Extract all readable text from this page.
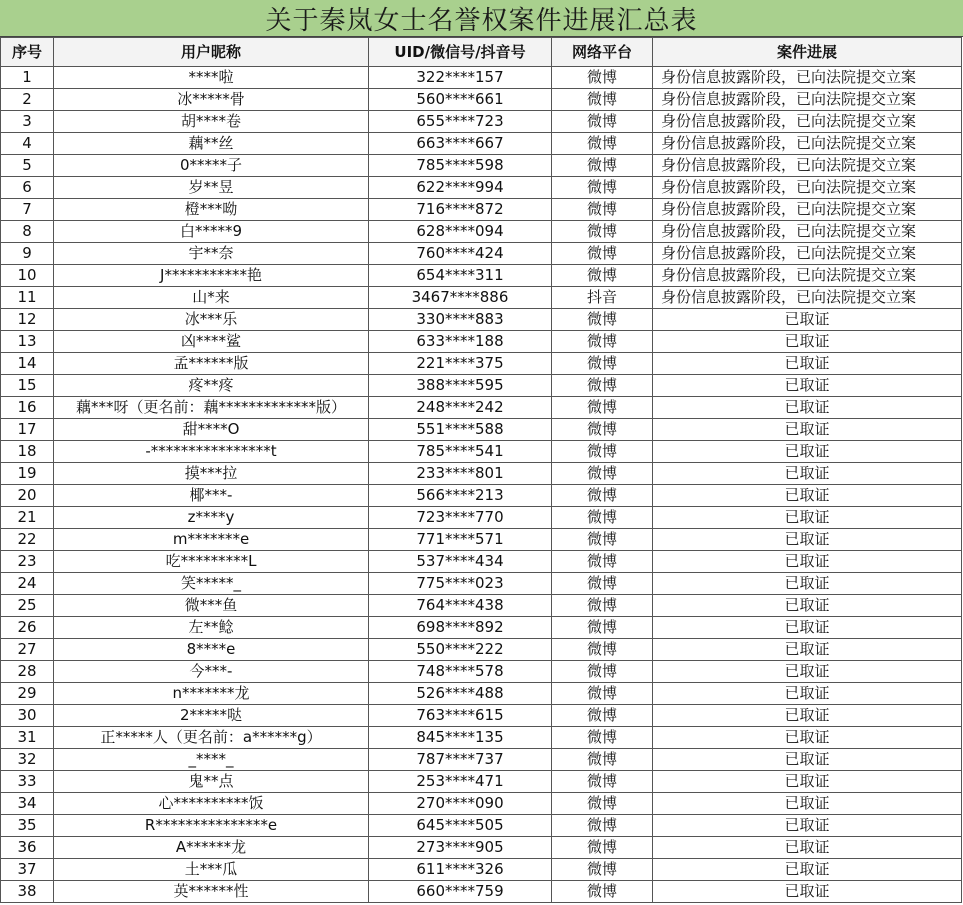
关于秦岚女士名誉权案件进展汇总表
序号	用户昵称	UID/微信号/抖音号	网络平台	案件进展
1	****啦	322****157	微博	身份信息披露阶段，已向法院提交立案
2	冰*****骨	560****661	微博	身份信息披露阶段，已向法院提交立案
3	胡****卷	655****723	微博	身份信息披露阶段，已向法院提交立案
4	藕**丝	663****667	微博	身份信息披露阶段，已向法院提交立案
5	0*****子	785****598	微博	身份信息披露阶段，已向法院提交立案
6	岁**昱	622****994	微博	身份信息披露阶段，已向法院提交立案
7	橙***呦	716****872	微博	身份信息披露阶段，已向法院提交立案
8	白*****9	628****094	微博	身份信息披露阶段，已向法院提交立案
9	宇**奈	760****424	微博	身份信息披露阶段，已向法院提交立案
10	J***********艳	654****311	微博	身份信息披露阶段，已向法院提交立案
11	山*来	3467****886	抖音	身份信息披露阶段，已向法院提交立案
12	冰***乐	330****883	微博	已取证
13	凶****鲨	633****188	微博	已取证
14	孟******版	221****375	微博	已取证
15	疼**疼	388****595	微博	已取证
16	藕***呀（更名前：藕*************版）	248****242	微博	已取证
17	甜****O	551****588	微博	已取证
18	-****************t	785****541	微博	已取证
19	摸***拉	233****801	微博	已取证
20	椰***-	566****213	微博	已取证
21	z****y	723****770	微博	已取证
22	m*******e	771****571	微博	已取证
23	吃*********L	537****434	微博	已取证
24	笑*****_	775****023	微博	已取证
25	微***鱼	764****438	微博	已取证
26	左**鲶	698****892	微博	已取证
27	8****e	550****222	微博	已取证
28	今***-	748****578	微博	已取证
29	n*******龙	526****488	微博	已取证
30	2*****哒	763****615	微博	已取证
31	正*****人（更名前：a******g）	845****135	微博	已取证
32	_****_	787****737	微博	已取证
33	鬼**点	253****471	微博	已取证
34	心**********饭	270****090	微博	已取证
35	R***************e	645****505	微博	已取证
36	A******龙	273****905	微博	已取证
37	土***瓜	611****326	微博	已取证
38	英******性	660****759	微博	已取证
